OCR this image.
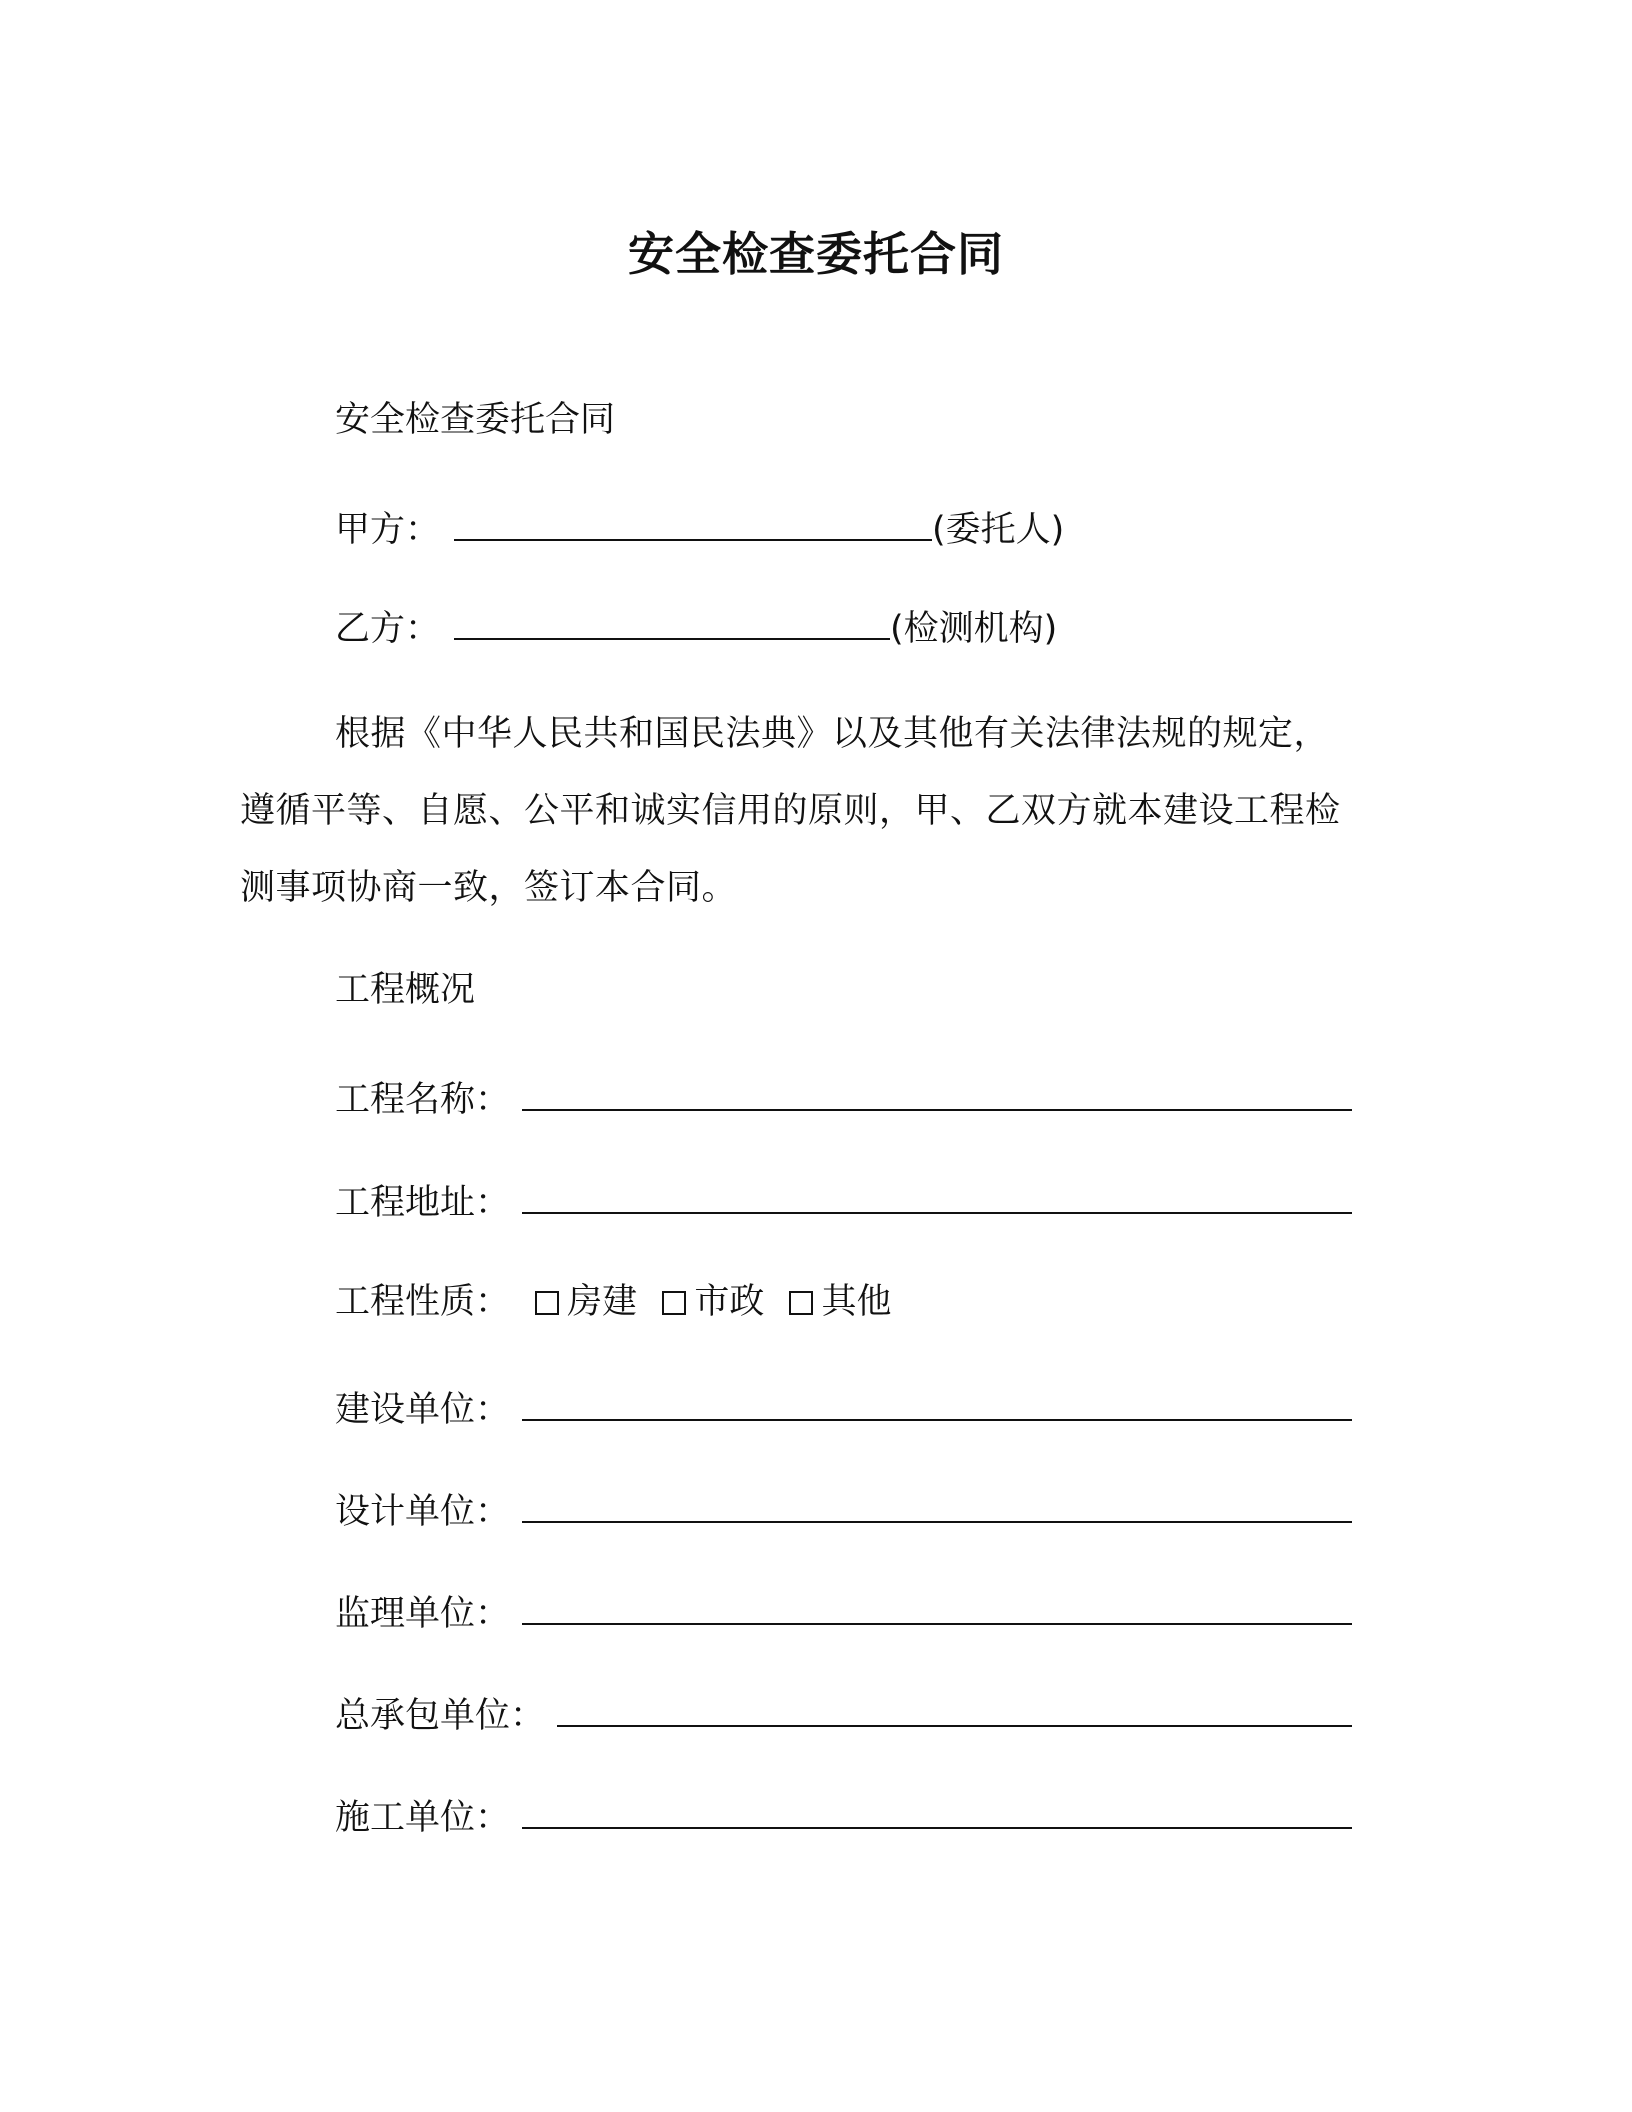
安全检查委托合同
安全检查委托合同
甲方：	(委托人)
乙方：	(检测机构)
根据《中华人民共和国民法典》以及其他有关法律法规的规定，遵循平等、自愿、公平和诚实信用的原则，甲、乙双方就本建设工程检测事项协商一致，签订本合同。
工程概况
工程名称：
工程地址：
工程性质： 房建 市政 其他
建设单位：
设计单位：
监理单位：
总承包单位：
施工单位：
